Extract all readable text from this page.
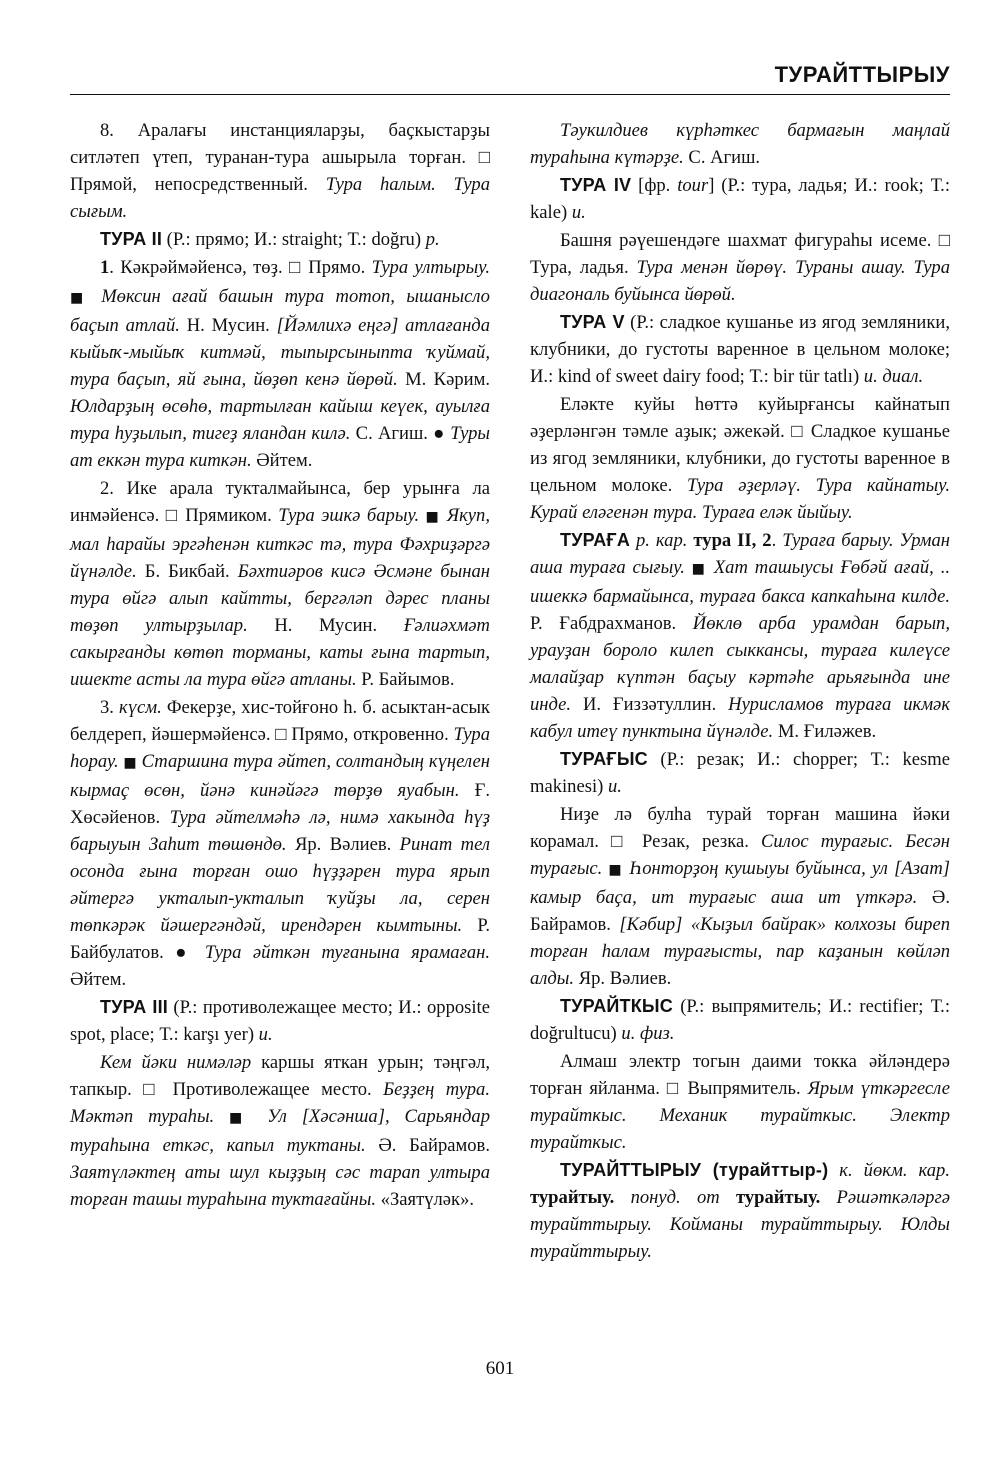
ТУРАЙТТЫРЫУ

8. Аралағы инстанцияларҙы, баҫкыстарҙы ситләтеп үтеп, туранан-тура ашырыла торған. □ Прямой, непосредственный. Тура һалым. Тура сығым.

ТУРА II (Р.: прямо; И.: straight; Т.: doğru) р.

1. Кәкрәймәйенсә, төҙ. □ Прямо. Тура ултырыу. ■ Мөксин ағай башын тура тотоп, ышанысло баҫып атлай. Н. Мусин. [Йәмлихә еңгә] атлағанда кыйыҡ-мыйыҡ китмәй, тыпырсыныптa ҡуймай, тура баҫып, яй ғына, йөҙөп кенә йөрөй. М. Кәрим. Юлдарҙың өсөһө, тартылған кайыш кеүек, ауылға тура һуҙылып, тигеҙ яландан килә. С. Агиш. ● Туры ат еккән тура киткән. Әйтем.

2. Ике арала туктaлмайынса, бер урынға ла инмәйенсә. □ Прямиком. Тура эшкә барыу. ■ Якуп, мал һарайы эргәһенән киткәс тә, тура Фәхриҙәргә йүнәлде. Б. Бикбай. Бәхтиәров кисә Әсмәне бынан тура өйгә алып кайтты, бергәләп дәрес планы төҙөп ултырҙылар. Н. Мусин. Ғәлиәхмәт сакырғанды көтөп торманы, каты ғына тартып, ишекте асты ла тура өйгә атланы. Р. Байымов.

3. күсм. Фекерҙе, хис-тойғоно һ. б. асыктан-асык белдереп, йәшермәйенсә. □ Прямо, откровенно. Тура һорау. ■ Старшина тура әйтеп, солтандың күңелен кырмаҫ өсөн, йәнә кинәйәгә төрҙө яуабын. Ғ. Хөсәйенов. Тура әйтелмәһә лә, нимә хакында һүҙ барыуын Заһит төшөндө. Яр. Вәлиев. Ринат тел осонда ғына торған ошо һүҙҙәрен тура ярып әйтергә укталып-укталып ҡуйҙы ла, серен төпкәрәк йәшергәндәй, ирендәрен кымтыны. Р. Байбулатов. ● Тура әйткән туғанына ярамаған. Әйтем.

ТУРА III (Р.: противолежащее место; И.: opposite spot, place; Т.: karşı yer) и.

Кем йәки нимәләр каршы яткан урын; тәңгәл, тапкыр. □ Противолежащее место. Беҙҙең тура. Мәктәп тураһы. ■ Ул [Хәсәнша], Сарьяндар тураһына еткәс, капыл туктaны. Ә. Байрамов. Заятүләктең аты шул кыҙҙың сәс тарап ултыра торған ташы тураһына туктaғайны. «Заятүләк».

Тәукилдиев күрһәткес бармағын маңлай тураһына күтәрҙе. С. Агиш.

ТУРА IV [фр. tour] (Р.: тура, ладья; И.: rook; Т.: kale) и.

Башня рәүешендәге шахмат фигураһы исеме. □ Тура, ладья. Тура менән йөрөү. Тураны ашау. Тура диагональ буйынса йөрөй.

ТУРА V (Р.: сладкое кушанье из ягод земляники, клубники, до густоты вареннoе в цельном молоке; И.: kind of sweet dairy food; Т.: bir tür tatlı) и. диал.

Еләкте куйы һөттә куйырғансы кайнатып әҙерләнгән тәмле аҙык; әжекәй. □ Сладкое кушанье из ягод земляники, клубники, до густоты вареннoе в цельном молоке. Тура әҙерләү. Тура кайнатыу. Курай еләгенән тура. Тураға еләк йыйыу.

ТУРАҒА р. кар. тура II, 2. Тураға барыу. Урман аша тураға сығыу. ■ Хат ташыусы Ғөбәй ағай, .. ишеккә бармайынса, тураға бакса капкаһына килде. Р. Ғабдрахманов. Йөклө арба урамдан барып, урауҙан бороло килеп сыкканcы, тураға килеүсе малайҙар күптән баҫыу кәртәһе арьяғында ине инде. И. Ғиззәтуллин. Нурисламов тураға икмәк кабул итеү пунктына йүнәлде. М. Ғиләжев.

ТУРАҒЫС (Р.: резак; И.: chopper; Т.: kesme makinesi) и.

Ниҙе лә булһа турай торған машина йәки корамал. □ Резак, резка. Силос турағыс. Бесән турағыс. ■ Һонторҙоң кушыуы буйынса, ул [Азат] камыр баҫа, ит турағыс аша ит үткәрә. Ә. Байрамов. [Кәбир] «Кыҙыл байрак» колхозы биреп торған һалам турағысты, пар каҙанын көйләп алды. Яр. Вәлиев.

ТУРАЙТКЫС (Р.: выпрямитель; И.: rectifier; Т.: doğrultucu) и. физ.

Алмаш электр тогын даими токка әйләндерә торған яйланма. □ Выпрямитель. Ярым үткәргесле турайткыс. Механик турайткыс. Электр турайткыс.

ТУРАЙТТЫРЫУ (турайттыр-) к. йөкм. кар. турайтыу. понуд. от турайтыу. Рәшәткәләргә турайттырыу. Койманы турайттырыу. Юлды турайттырыу.

601
